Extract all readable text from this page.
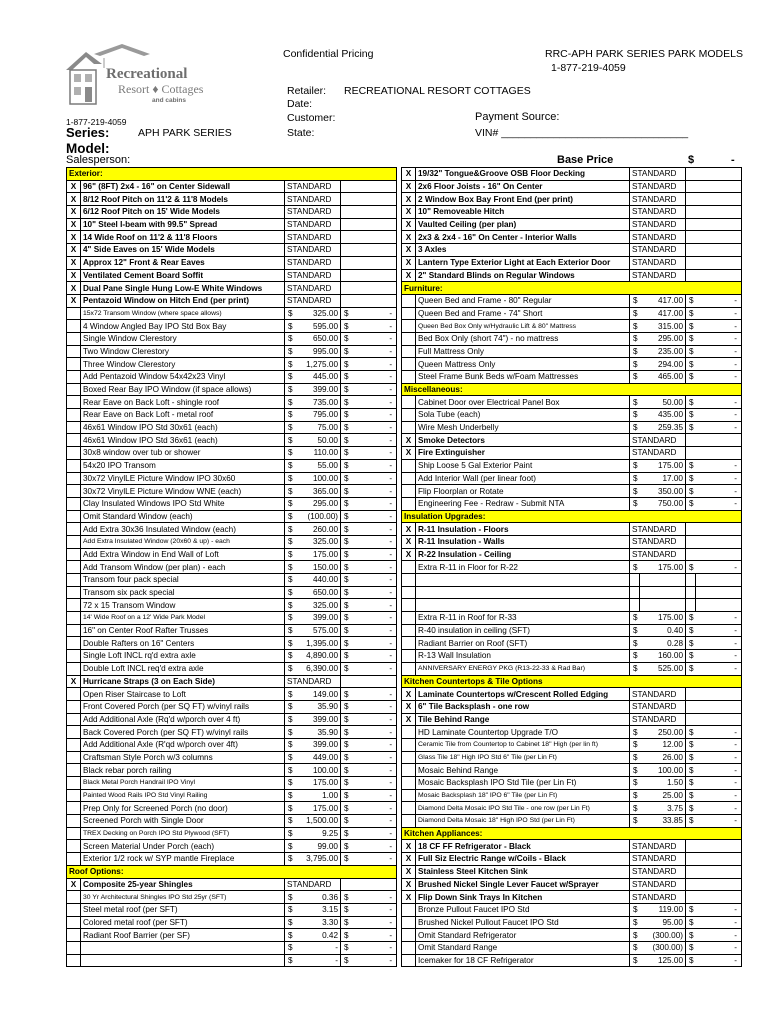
Recreational
Resort ♦ Cottages
and cabins
1-877-219-4059
Confidential Pricing	RRC-APH PARK SERIES PARK MODELS
1-877-219-4059
Retailer: RECREATIONAL RESORT COTTAGES
Date:
Customer:	Payment Source:
State:	VIN# ________________________________
Series:	APH PARK SERIES
Model:
Salesperson:	Base Price	$	-
Exterior:					
X	96" (8FT) 2x4 - 16" on Center Sidewall	STANDARD			
X	8/12 Roof Pitch on 11'2 & 11'8 Models	STANDARD			
X	6/12 Roof Pitch on 15' Wide Models	STANDARD			
X	10" Steel I-beam with 99.5" Spread	STANDARD			
X	14 Wide Roof on 11'2 & 11'8 Floors	STANDARD			
X	4" Side Eaves on 15' Wide Models	STANDARD			
X	Approx 12" Front & Rear Eaves	STANDARD			
X	Ventilated Cement Board Soffit	STANDARD			
X	Dual Pane Single Hung Low-E White Windows	STANDARD			
X	Pentazoid Window on Hitch End (per print)	STANDARD			
	15x72 Transom Window (where space allows)	$	325.00	$	-
	4 Window Angled Bay IPO Std Box Bay	$	595.00	$	-
	Single Window Clerestory	$	650.00	$	-
	Two Window Clerestory	$	995.00	$	-
	Three Window Clerestory	$	1,275.00	$	-
	Add Pentazoid Window 54x42x23 Vinyl	$	445.00	$	-
	Boxed Rear Bay IPO Window (if space allows)	$	399.00	$	-
	Rear Eave on Back Loft - shingle roof	$	735.00	$	-
	Rear Eave on Back Loft - metal roof	$	795.00	$	-
	46x61 Window IPO Std 30x61 (each)	$	75.00	$	-
	46x61 Window IPO Std 36x61 (each)	$	50.00	$	-
	30x8 window over tub or shower	$	110.00	$	-
	54x20 IPO Transom	$	55.00	$	-
	30x72 VinylLE Picture Window IPO 30x60	$	100.00	$	-
	30x72 VinylLE Picture Window WNE (each)	$	365.00	$	-
	Clay Insulated Windows IPO Std White	$	295.00	$	-
	Omit Standard Window (each)	$	(100.00)	$	-
	Add Extra 30x36 Insulated Window (each)	$	260.00	$	-
	Add Extra Insulated Window (20x60 & up) - each	$	325.00	$	-
	Add Extra Window in End Wall of Loft	$	175.00	$	-
	Add Transom Window (per plan) - each	$	150.00	$	-
	Transom four pack special	$	440.00	$	-
	Transom six pack special	$	650.00	$	-
	72 x 15 Transom Window	$	325.00	$	-
	14' Wide Roof on a 12' Wide Park Model	$	399.00	$	-
	16" on Center Roof Rafter Trusses	$	575.00	$	-
	Double Rafters on 16" Centers	$	1,395.00	$	-
	Single Loft INCL rq'd extra axle	$	4,890.00	$	-
	Double Loft INCL req'd extra axle	$	6,390.00	$	-
X	Hurricane Straps (3 on Each Side)	STANDARD			
	Open Riser Staircase to Loft	$	149.00	$	-
	Front Covered Porch (per SQ FT) w/vinyl rails	$	35.90	$	-
	Add Additional Axle (Rq'd w/porch over 4 ft)	$	399.00	$	-
	Back Covered Porch (per SQ FT) w/vinyl rails	$	35.90	$	-
	Add Additional Axle (R'qd w/porch over 4ft)	$	399.00	$	-
	Craftsman Style Porch w/3 columns	$	449.00	$	-
	Black rebar porch railing	$	100.00	$	-
	Black Metal Porch Handrail IPO Vinyl	$	175.00	$	-
	Painted Wood Rails IPO Std Vinyl Railing	$	1.00	$	-
	Prep Only for Screened Porch (no door)	$	175.00	$	-
	Screened Porch with Single Door	$	1,500.00	$	-
	TREX Decking on Porch IPO Std Plywood (SFT)	$	9.25	$	-
	Screen Material Under Porch (each)	$	99.00	$	-
	Exterior 1/2 rock w/ SYP mantle Fireplace	$	3,795.00	$	-
Roof Options:					
X	Composite 25-year Shingles	STANDARD			
	30 Yr Architectural Shingles IPO Std 25yr (SFT)	$	0.36	$	-
	Steel metal roof (per SFT)	$	3.15	$	-
	Colored metal roof (per SFT)	$	3.30	$	-
	Radiant Roof Barrier (per SF)	$	0.42	$	-
		$	-	$	-
		$	-	$	-
X	19/32" Tongue&Groove OSB Floor Decking	STANDARD			
X	2x6 Floor Joists - 16" On Center	STANDARD			
X	2 Window Box Bay Front End (per print)	STANDARD			
X	10" Removeable Hitch	STANDARD			
X	Vaulted Ceiling (per plan)	STANDARD			
X	2x3 & 2x4 - 16" On Center - Interior Walls	STANDARD			
X	3 Axles	STANDARD			
X	Lantern Type Exterior Light at Each Exterior Door	STANDARD			
X	2" Standard Blinds on Regular Windows	STANDARD			
Furniture:					
	Queen Bed and Frame - 80" Regular	$	417.00	$	-
	Queen Bed and Frame - 74" Short	$	417.00	$	-
	Queen Bed Box Only w/Hydraulic Lift & 80" Mattress	$	315.00	$	-
	Bed Box Only (short 74") - no mattress	$	295.00	$	-
	Full Mattress Only	$	235.00	$	-
	Queen Mattress Only	$	294.00	$	-
	Steel Frame Bunk Beds w/Foam Mattresses	$	465.00	$	-
Miscellaneous:					
	Cabinet Door over Electrical Panel Box	$	50.00	$	-
	Sola Tube (each)	$	435.00	$	-
	Wire Mesh Underbelly	$	259.35	$	-
X	Smoke Detectors	STANDARD			
X	Fire Extinguisher	STANDARD			
	Ship Loose 5 Gal Exterior Paint	$	175.00	$	-
	Add Interior Wall (per linear foot)	$	17.00	$	-
	Flip Floorplan or Rotate	$	350.00	$	-
	Engineering Fee - Redraw - Submit NTA	$	750.00	$	-
Insulation Upgrades:					
X	R-11 Insulation - Floors	STANDARD			
X	R-11 Insulation - Walls	STANDARD			
X	R-22 Insulation - Ceiling	STANDARD			
	Extra R-11 in Floor for R-22	$	175.00	$	-

	Extra R-11 in Roof for R-33	$	175.00	$	-
	R-40 insulation in ceiling (SFT)	$	0.40	$	-
	Radiant Barrier on Roof (SFT)	$	0.28	$	-
	R-13 Wall Insulation	$	160.00	$	-
	ANNIVERSARY ENERGY PKG (R13-22-33 & Rad Bar)	$	525.00	$	-
Kitchen Countertops & Tile Options					
X	Laminate Countertops w/Crescent Rolled Edging	STANDARD			
X	6" Tile Backsplash - one row	STANDARD			
X	Tile Behind Range	STANDARD			
	HD Laminate Countertop Upgrade T/O	$	250.00	$	-
	Ceramic Tile from Countertop to Cabinet 18" High (per lin ft)	$	12.00	$	-
	Glass Tile 18" High IPO Std 6" Tile (per Lin Ft)	$	26.00	$	-
	Mosaic Behind Range	$	100.00	$	-
	Mosaic Backsplash IPO Std Tile (per Lin Ft)	$	1.50	$	-
	Mosaic Backsplash 18" IPO 6" Tile (per Lin Ft)	$	25.00	$	-
	Diamond Delta Mosaic IPO Std Tile - one row (per Lin Ft)	$	3.75	$	-
	Diamond Delta Mosaic 18" High IPO Std (per Lin Ft)	$	33.85	$	-
Kitchen Appliances:					
X	18 CF FF Refrigerator - Black	STANDARD			
X	Full Siz Electric Range w/Coils - Black	STANDARD			
X	Stainless Steel Kitchen Sink	STANDARD			
X	Brushed Nickel Single Lever Faucet w/Sprayer	STANDARD			
X	Flip Down Sink Trays In Kitchen	STANDARD			
	Bronze Pullout Faucet IPO Std	$	119.00	$	-
	Brushed Nickel Pullout Faucet IPO Std	$	95.00	$	-
	Omit Standard Refrigerator	$	(300.00)	$	-
	Omit Standard Range	$	(300.00)	$	-
	Icemaker for 18 CF Refrigerator	$	125.00	$	-
